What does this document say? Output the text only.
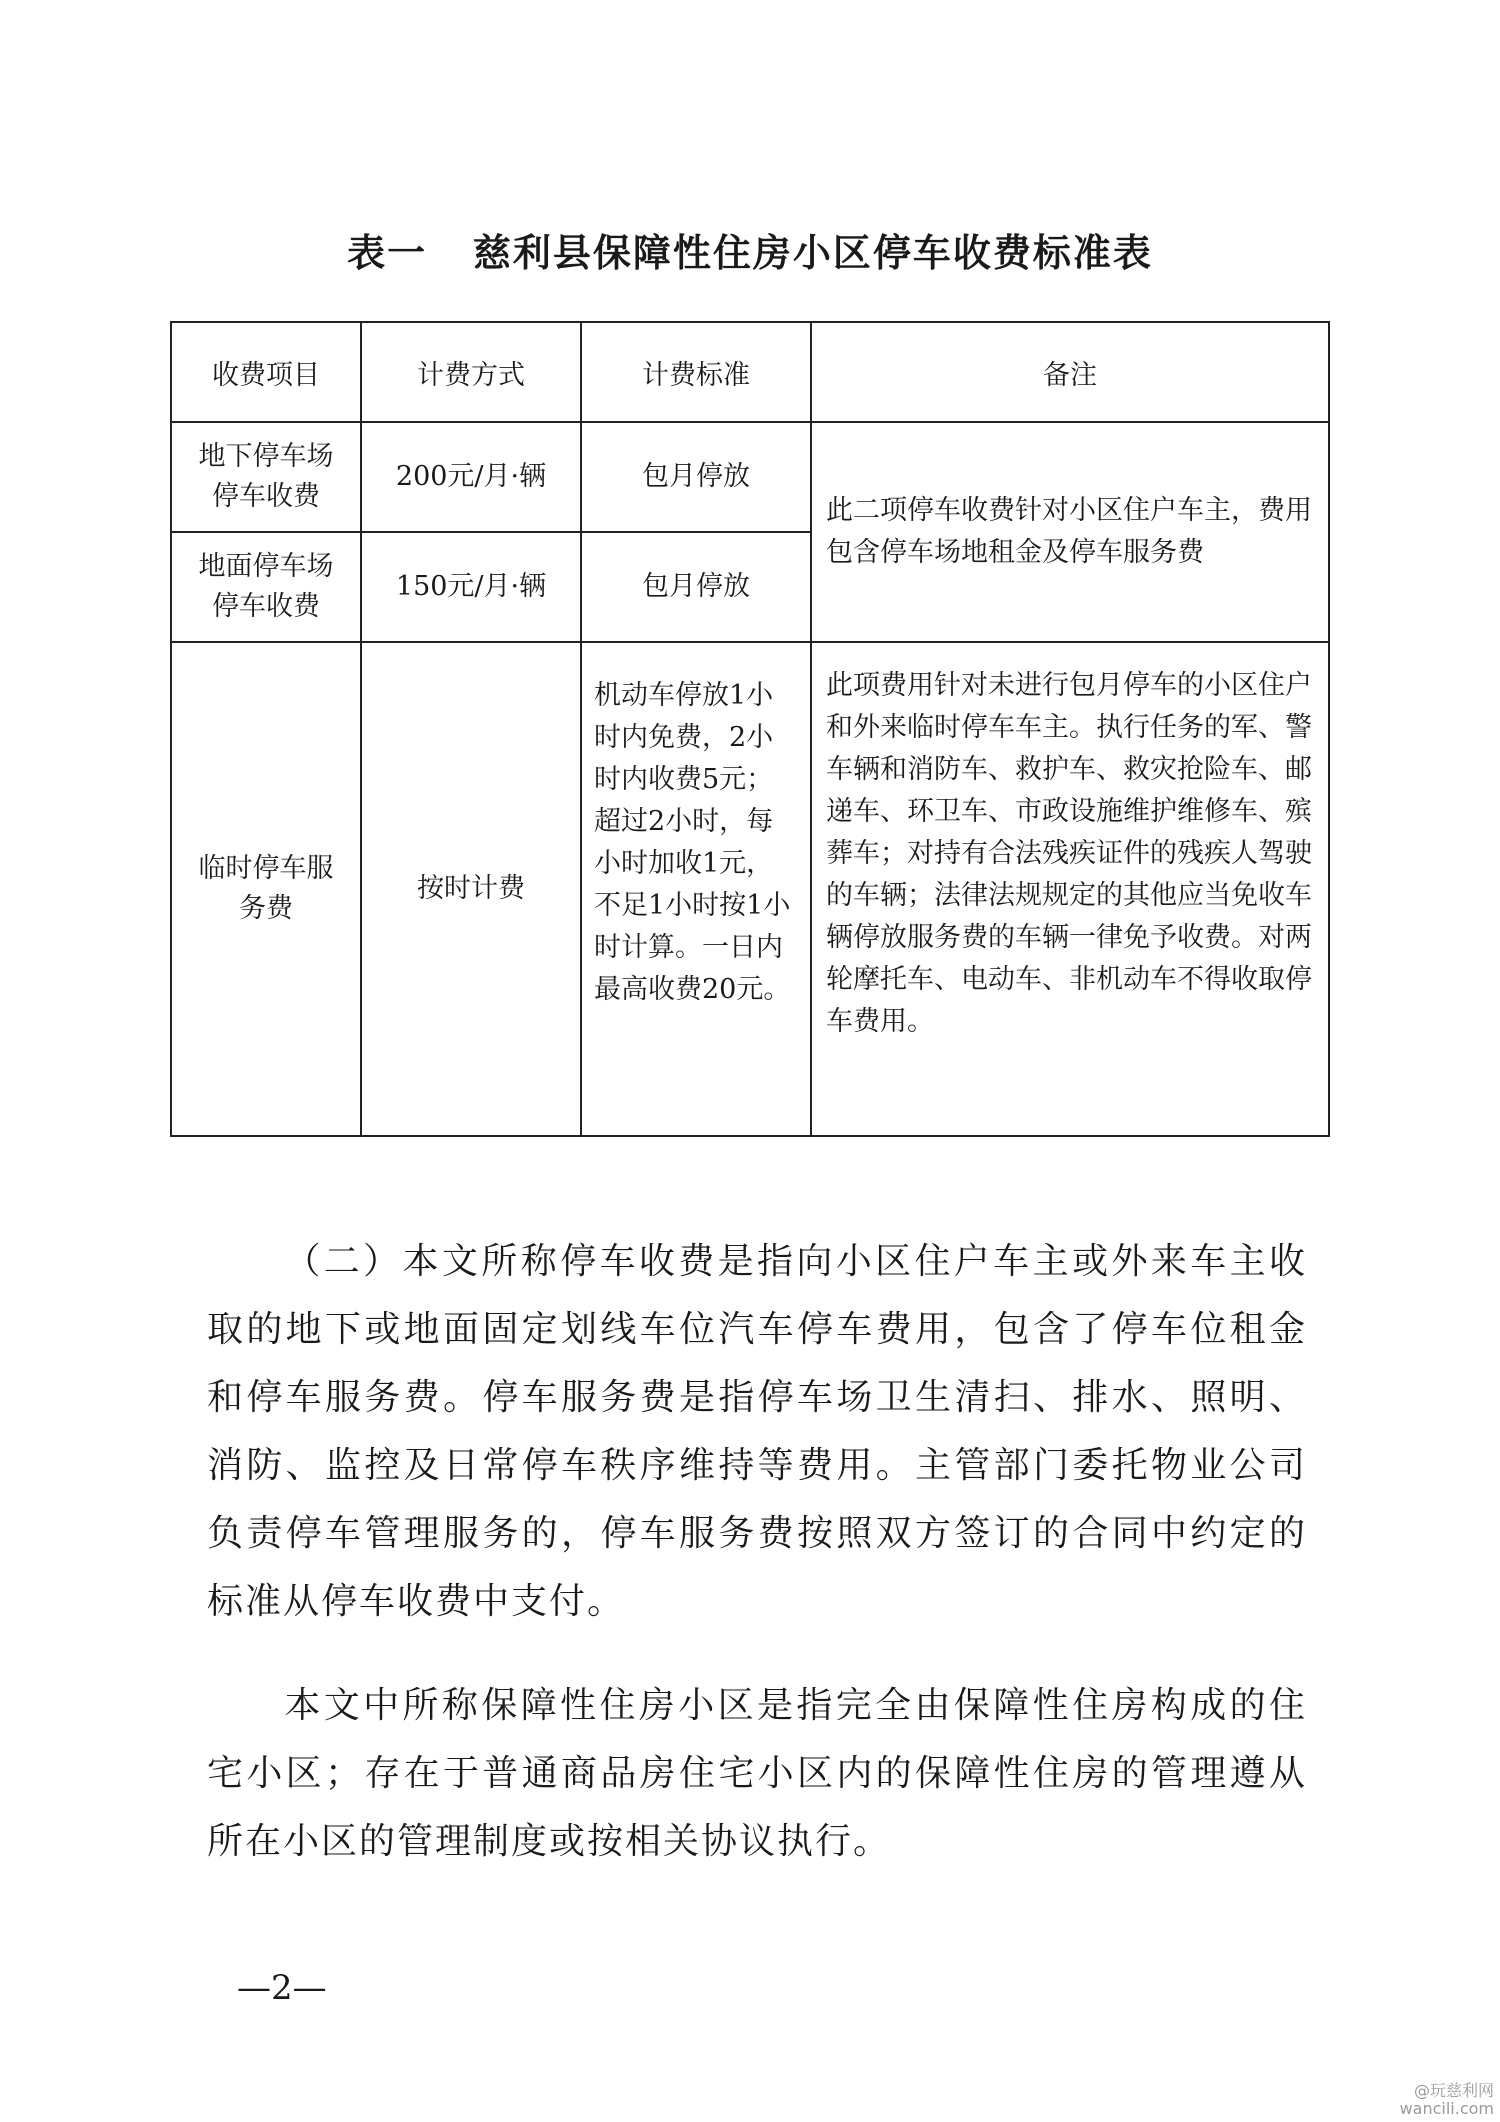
表一   慈利县保障性住房小区停车收费标准表
收费项目	计费方式	计费标准	备注
地下停车场停车收费	200元/月·辆	包月停放	此二项停车收费针对小区住户车主，费用包含停车场地租金及停车服务费
地面停车场停车收费	150元/月·辆	包月停放	
临时停车服务费	按时计费	机动车停放1小时内免费，2小时内收费5元；超过2小时，每小时加收1元，不足1小时按1小时计算。一日内最高收费20元。	此项费用针对未进行包月停车的小区住户和外来临时停车车主。执行任务的军、警车辆和消防车、救护车、救灾抢险车、邮递车、环卫车、市政设施维护维修车、殡葬车；对持有合法残疾证件的残疾人驾驶的车辆；法律法规规定的其他应当免收车辆停放服务费的车辆一律免予收费。对两轮摩托车、电动车、非机动车不得收取停车费用。

（二）本文所称停车收费是指向小区住户车主或外来车主收取的地下或地面固定划线车位汽车停车费用，包含了停车位租金和停车服务费。停车服务费是指停车场卫生清扫、排水、照明、消防、监控及日常停车秩序维持等费用。主管部门委托物业公司负责停车管理服务的，停车服务费按照双方签订的合同中约定的标准从停车收费中支付。

本文中所称保障性住房小区是指完全由保障性住房构成的住宅小区；存在于普通商品房住宅小区内的保障性住房的管理遵从所在小区的管理制度或按相关协议执行。

—2—
@玩慈利网
wancili.com
